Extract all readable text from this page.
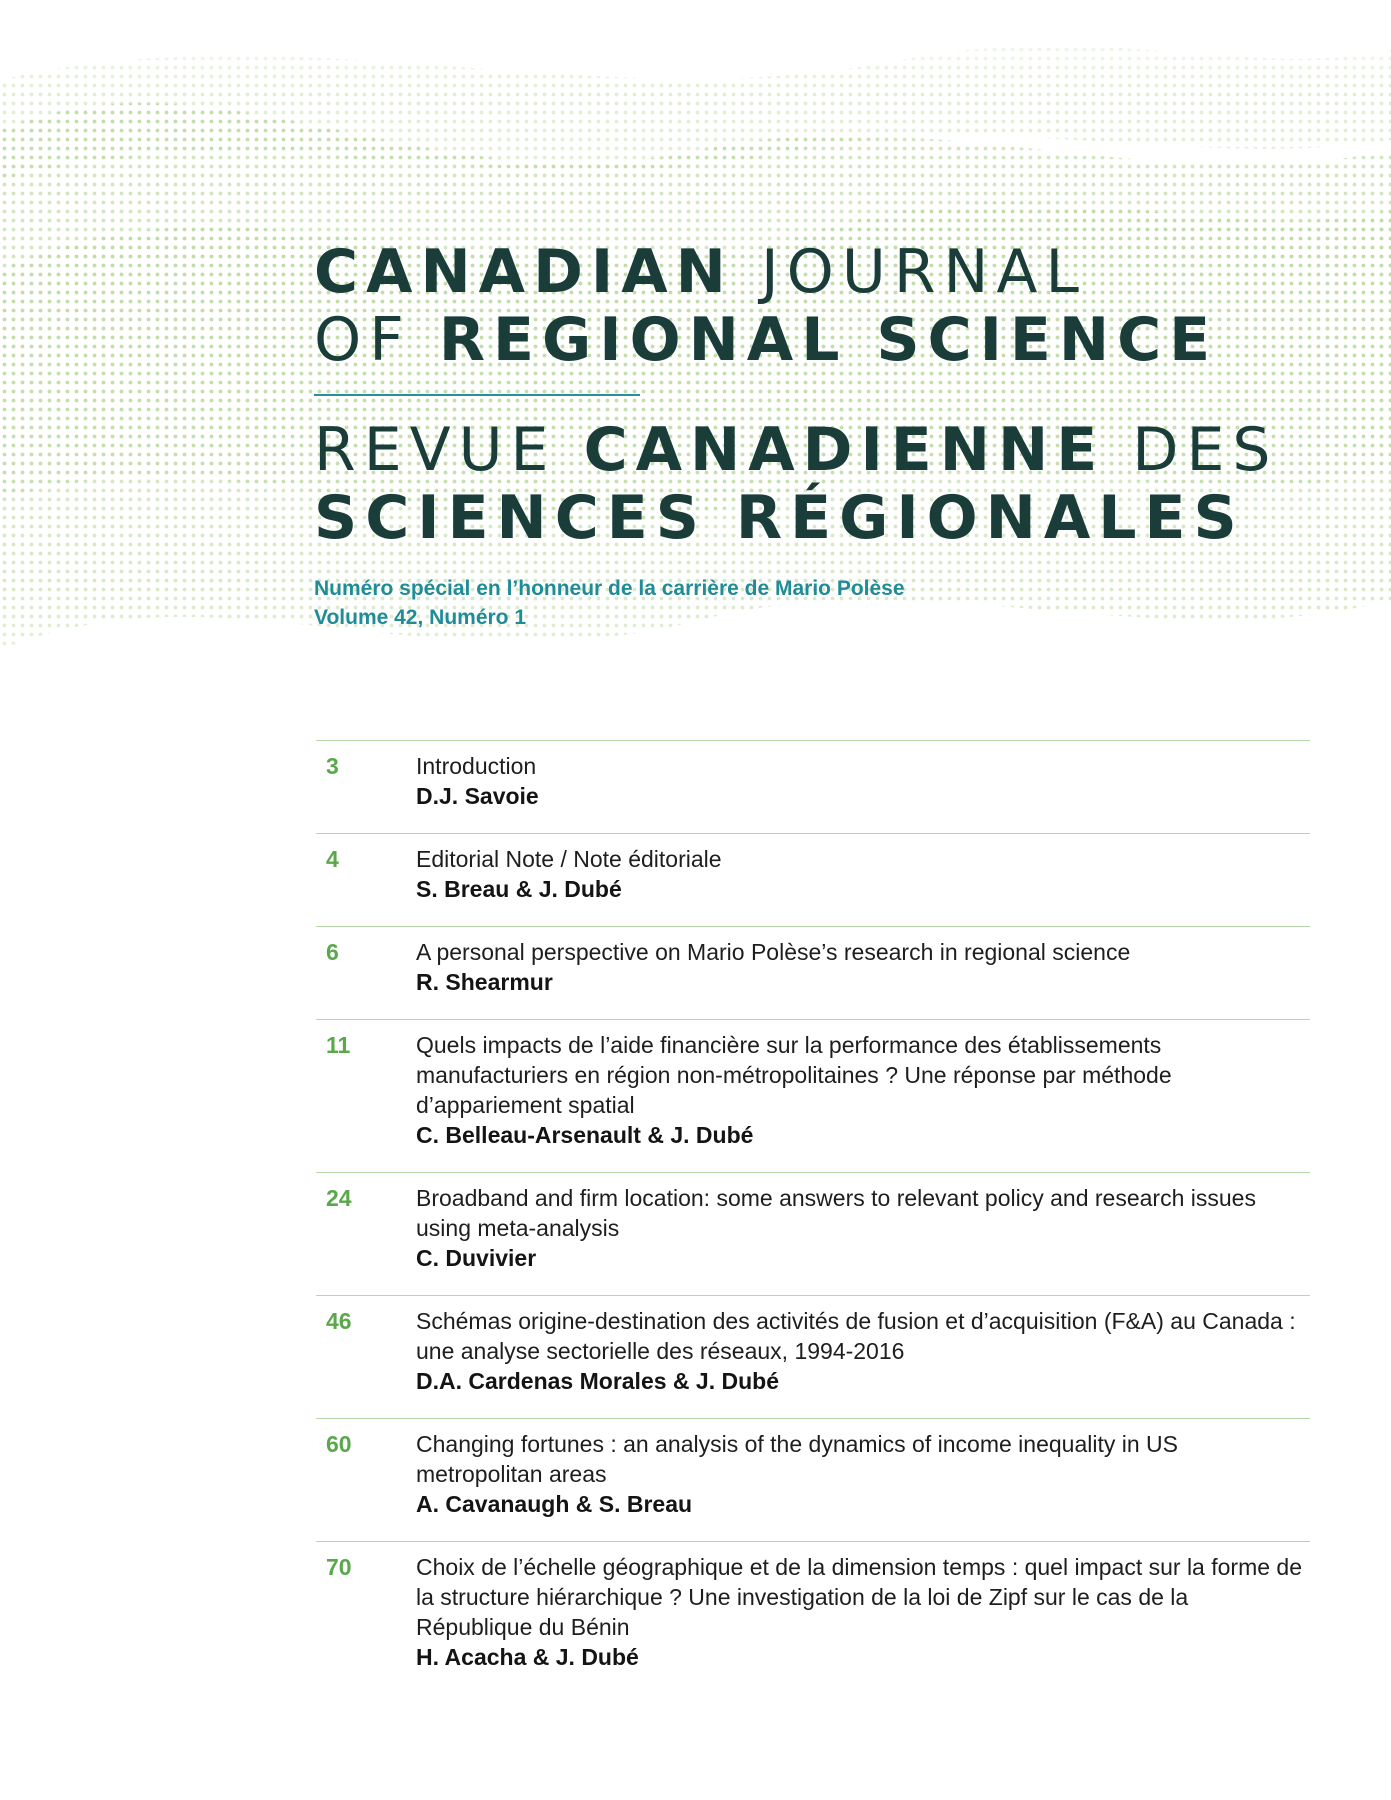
CANADIAN JOURNAL
OF REGIONAL SCIENCE
REVUE CANADIENNE DES
SCIENCES RÉGIONALES
Numéro spécial en l’honneur de la carrière de Mario Polèse
Volume 42, Numéro 1
3	Introduction
D.J. Savoie
4	Editorial Note / Note éditoriale
S. Breau & J. Dubé
6	A personal perspective on Mario Polèse’s research in regional science
R. Shearmur
11	Quels impacts de l’aide financière sur la performance des établissements manufacturiers en région non-métropolitaines ? Une réponse par méthode d’appariement spatial
C. Belleau-Arsenault & J. Dubé
24	Broadband and firm location: some answers to relevant policy and research issues using meta-analysis
C. Duvivier
46	Schémas origine-destination des activités de fusion et d’acquisition (F&A) au Canada : une analyse sectorielle des réseaux, 1994-2016
D.A. Cardenas Morales & J. Dubé
60	Changing fortunes : an analysis of the dynamics of income inequality in US metropolitan areas
A. Cavanaugh & S. Breau
70	Choix de l’échelle géographique et de la dimension temps : quel impact sur la forme de la structure hiérarchique ? Une investigation de la loi de Zipf sur le cas de la République du Bénin
H. Acacha & J. Dubé
